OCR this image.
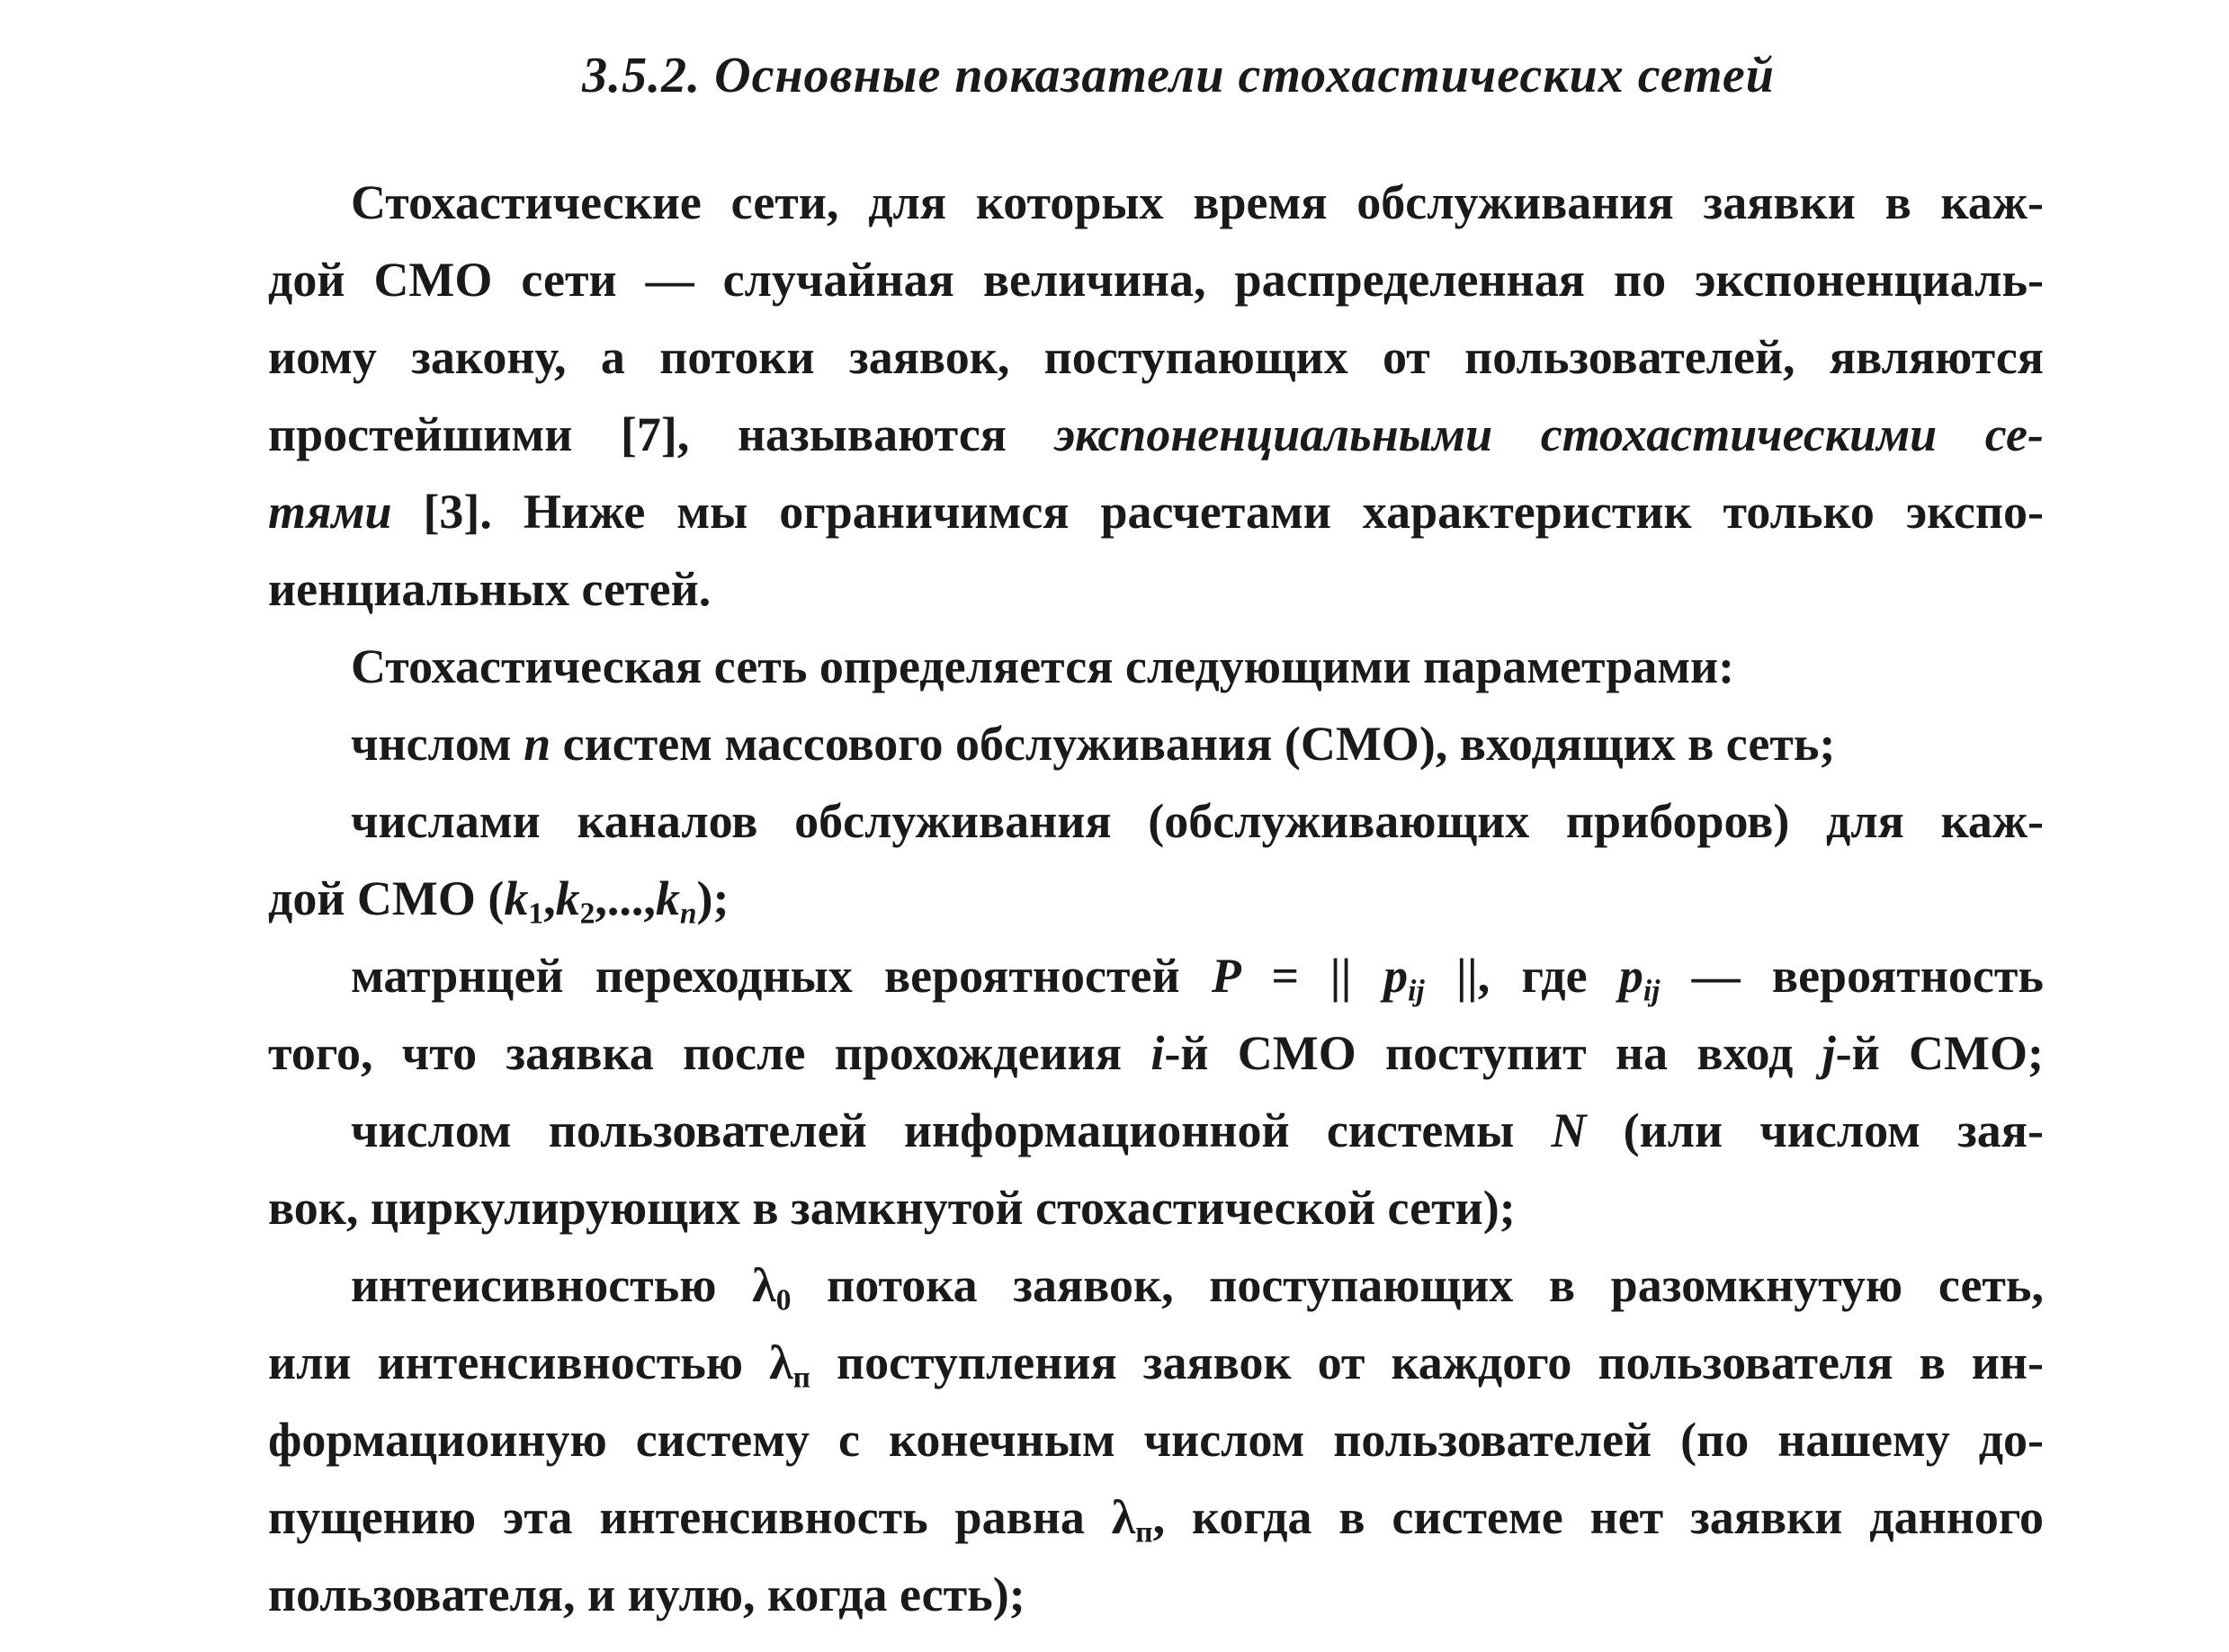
3.5.2. Основные показатели стохастических сетей
Стохастические сети, для которых время обслуживания заявки в каж-
дой СМО сети — случайная величина, распределенная по экспоненциаль-
иому закону, а потоки заявок, поступающих от пользователей, являются
простейшими [7], называются экспоненциальными стохастическими се-
тями [3]. Ниже мы ограничимся расчетами характеристик только экспо-
иенциальных сетей.
Стохастическая сеть определяется следующими параметрами:
чнслом n систем массового обслуживания (СМО), входящих в сеть;
числами каналов обслуживания (обслуживающих приборов) для каж-
дой СМО $(k_1,k_2,...,k_n)$;
матрнцей переходных вероятностей P = || $p_{ij}$ ||, где $p_{ij}$ — вероятность
того, что заявка после прохождеиия i-й СМО поступит на вход j-й СМО;
числом пользователей информационной системы N (или числом зая-
вок, циркулирующих в замкнутой стохастической сети);
интеисивностью $\lambda_0$ потока заявок, поступающих в разомкнутую сеть,
или интенсивностью $\lambda_п$ поступления заявок от каждого пользователя в ин-
формациоиную систему с конечным числом пользователей (по нашему до-
пущению эта интенсивность равна $\lambda_п$, когда в системе нет заявки данного
пользователя, и иулю, когда есть);
